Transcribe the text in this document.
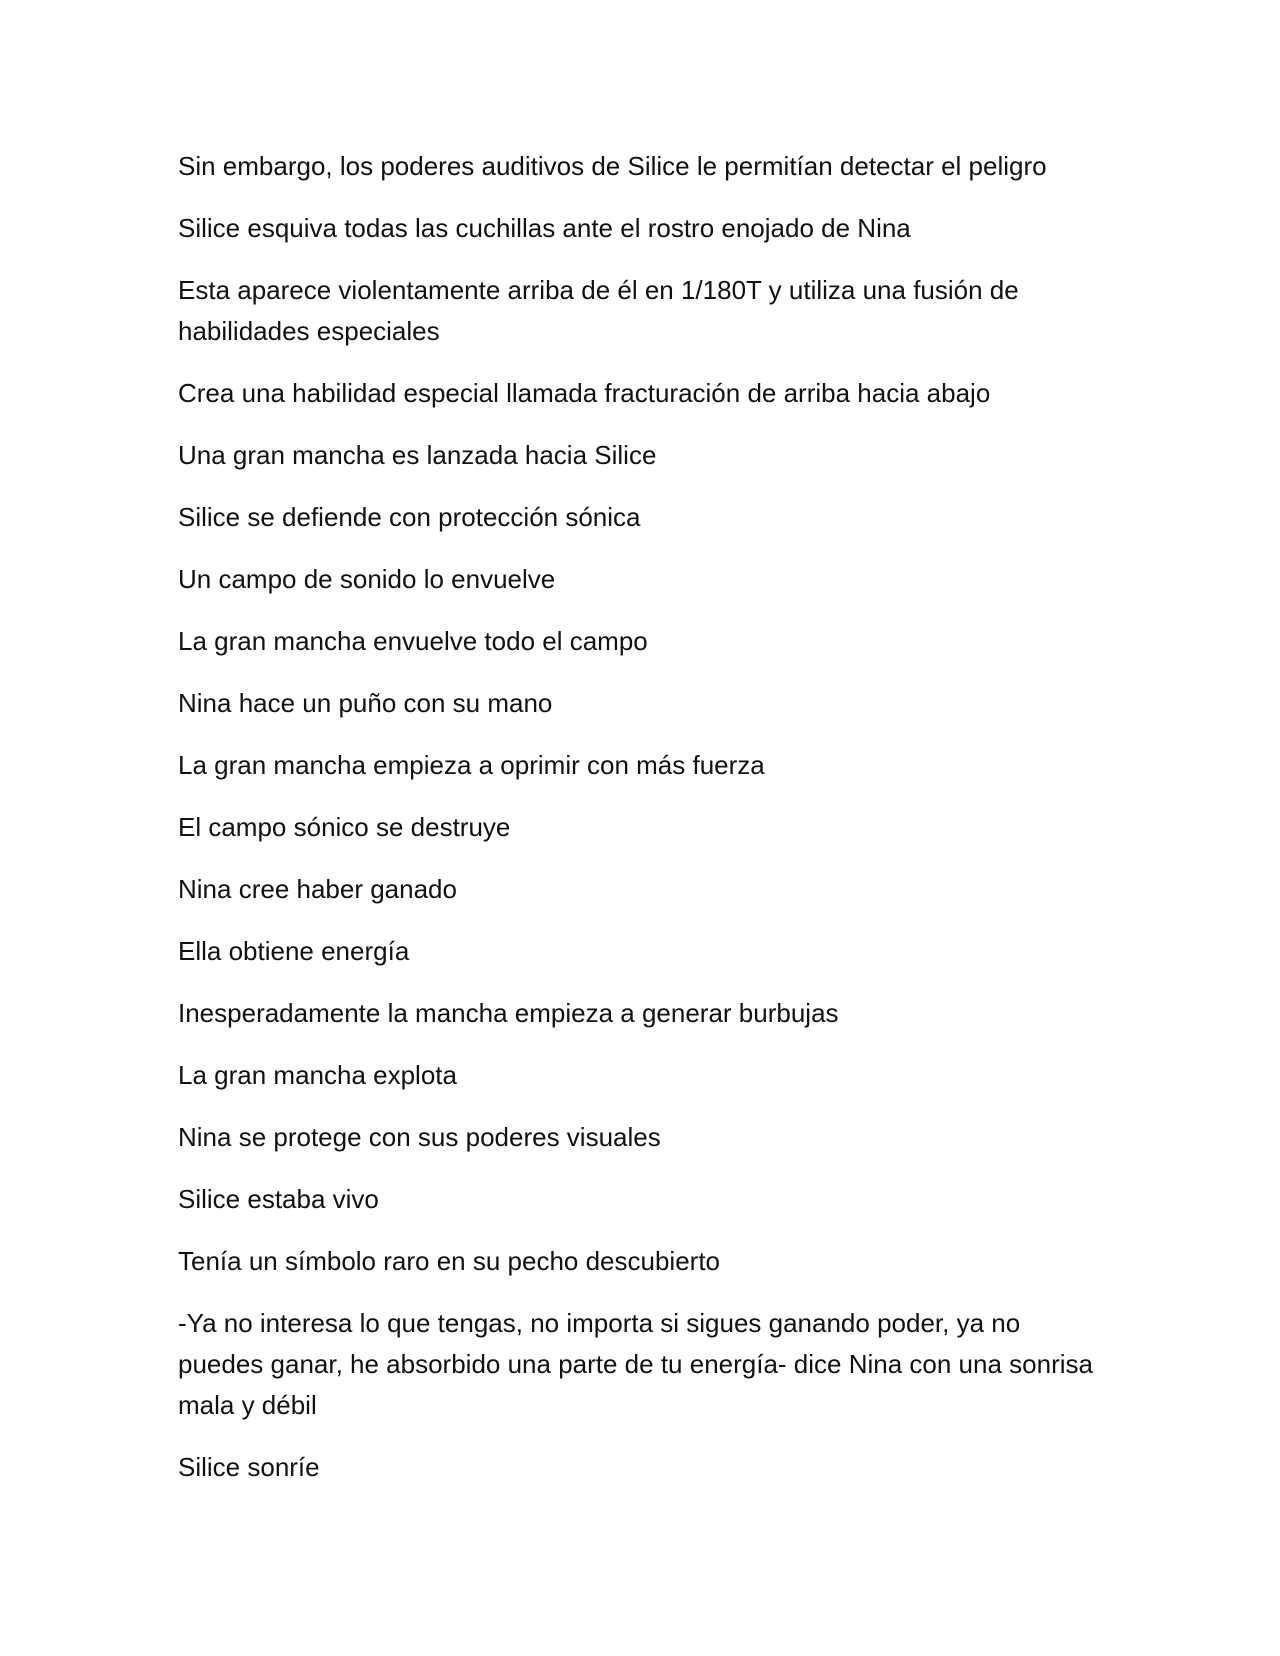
Sin embargo, los poderes auditivos de Silice le permitían detectar el peligro

Silice esquiva todas las cuchillas ante el rostro enojado de Nina

Esta aparece violentamente arriba de él en 1/180T y utiliza una fusión de habilidades especiales

Crea una habilidad especial llamada fracturación de arriba hacia abajo

Una gran mancha es lanzada hacia Silice

Silice se defiende con protección sónica

Un campo de sonido lo envuelve

La gran mancha envuelve todo el campo

Nina hace un puño con su mano

La gran mancha empieza a oprimir con más fuerza

El campo sónico se destruye

Nina cree haber ganado

Ella obtiene energía

Inesperadamente la mancha empieza a generar burbujas

La gran mancha explota

Nina se protege con sus poderes visuales

Silice estaba vivo

Tenía un símbolo raro en su pecho descubierto

-Ya no interesa lo que tengas, no importa si sigues ganando poder, ya no puedes ganar, he absorbido una parte de tu energía- dice Nina con una sonrisa mala y débil

Silice sonríe
